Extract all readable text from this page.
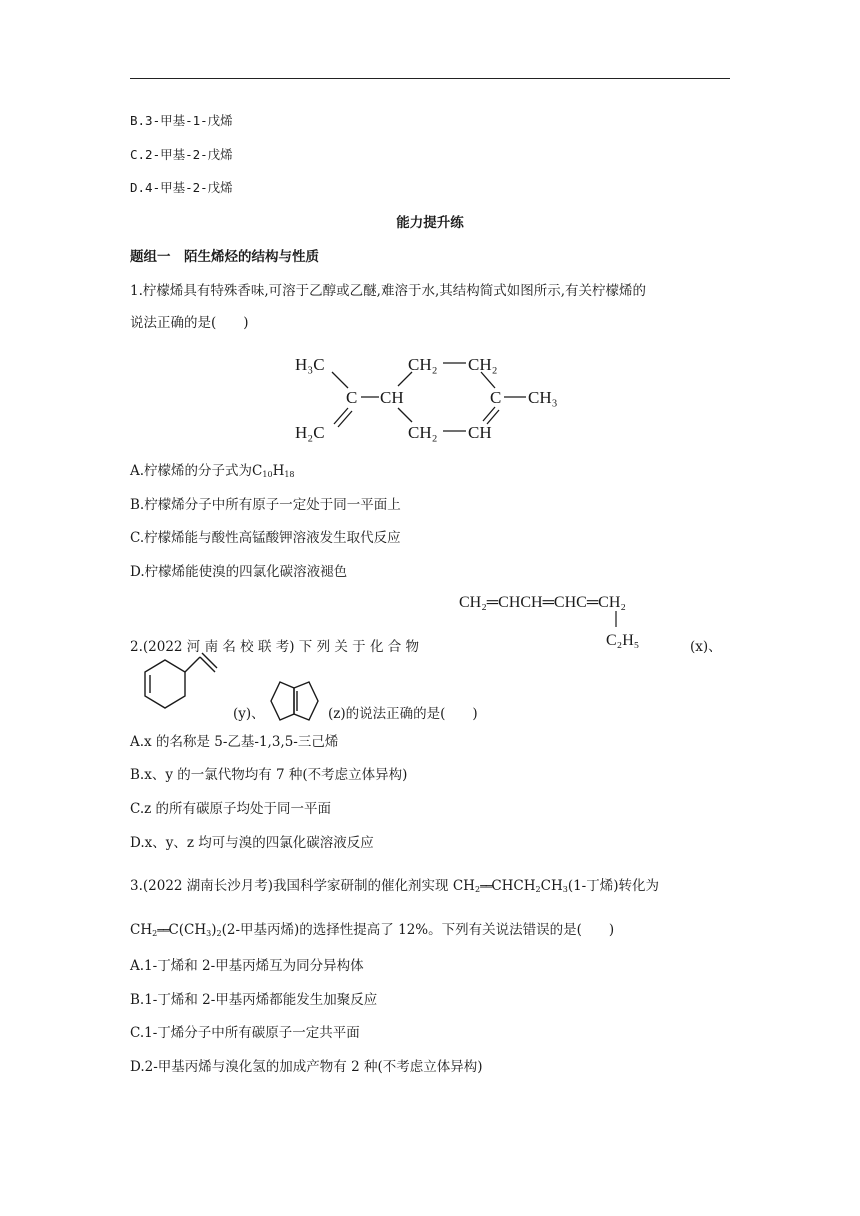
B.3-甲基-1-戊烯
C.2-甲基-2-戊烯
D.4-甲基-2-戊烯
能力提升练
题组一　陌生烯烃的结构与性质
1.柠檬烯具有特殊香味,可溶于乙醇或乙醚,难溶于水,其结构简式如图所示,有关柠檬烯的
说法正确的是(　　)
H₃C	CH₂ CH₂
C CH	C CH₃
H₂C	CH₂ CH
A.柠檬烯的分子式为$C_{10}H_{18}$
B.柠檬烯分子中所有原子一定处于同一平面上
C.柠檬烯能与酸性高锰酸钾溶液发生取代反应
D.柠檬烯能使溴的四氯化碳溶液褪色
CH₂═CHCH═CHC═CH₂
C₂H₅
2.(2022 河 南 名 校 联 考) 下 列 关 于 化 合 物	(x)、
(y)、	(z)的说法正确的是(　　)
A.x 的名称是 5-乙基-1,3,5-三己烯
B.x、y 的一氯代物均有 7 种(不考虑立体异构)
C.z 的所有碳原子均处于同一平面
D.x、y、z 均可与溴的四氯化碳溶液反应
3.(2022 湖南长沙月考)我国科学家研制的催化剂实现 $CH_2══CHCH_2CH_3(1-$丁烯)转化为
$CH_2══C(CH_3)_2(2-$甲基丙烯)的选择性提高了 12%。下列有关说法错误的是(　　)
A.1-丁烯和 2-甲基丙烯互为同分异构体
B.1-丁烯和 2-甲基丙烯都能发生加聚反应
C.1-丁烯分子中所有碳原子一定共平面
D.2-甲基丙烯与溴化氢的加成产物有 2 种(不考虑立体异构)
